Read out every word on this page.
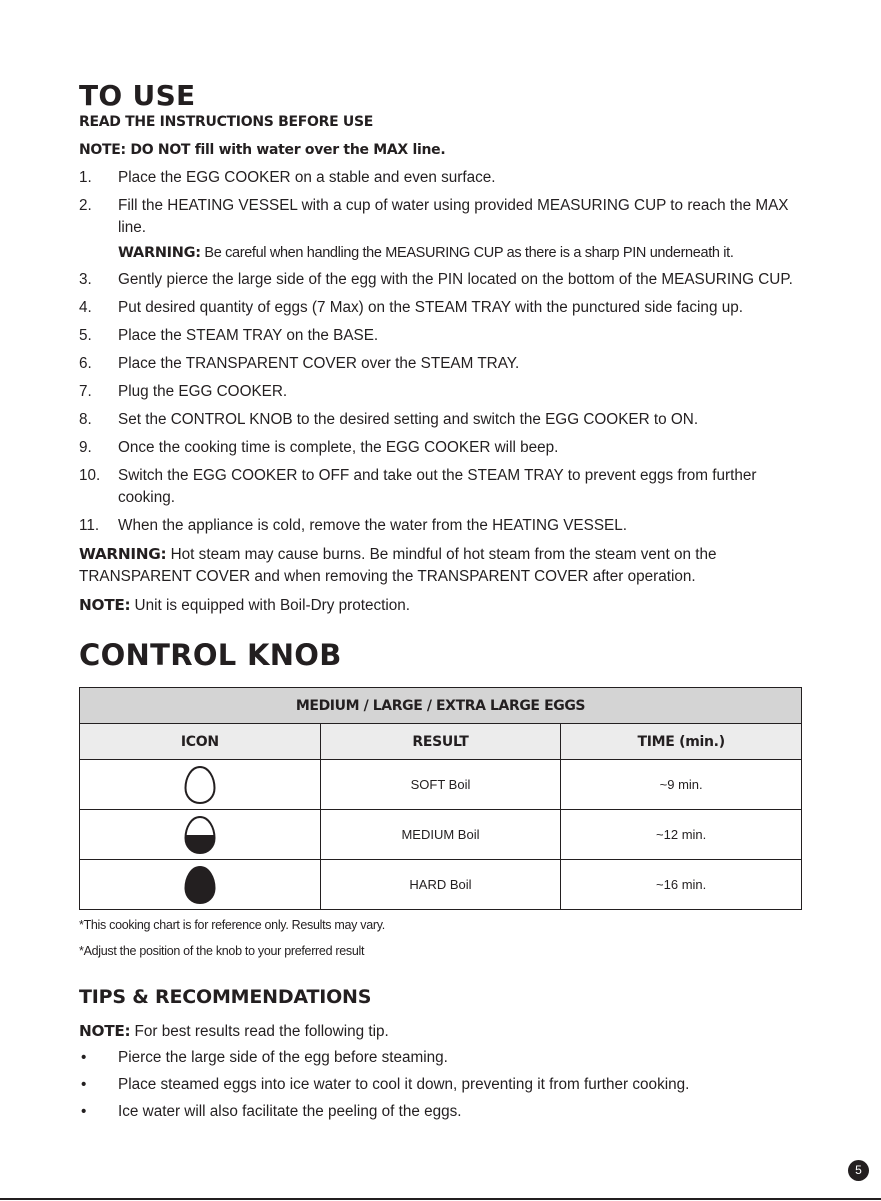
TO USE
READ THE INSTRUCTIONS BEFORE USE
NOTE: DO NOT fill with water over the MAX line.
1. Place the EGG COOKER on a stable and even surface.
2. Fill the HEATING VESSEL with a cup of water using provided MEASURING CUP to reach the MAX line.
WARNING: Be careful when handling the MEASURING CUP as there is a sharp PIN underneath it.
3. Gently pierce the large side of the egg with the PIN located on the bottom of the MEASURING CUP.
4. Put desired quantity of eggs (7 Max) on the STEAM TRAY with the punctured side facing up.
5. Place the STEAM TRAY on the BASE.
6. Place the TRANSPARENT COVER over the STEAM TRAY.
7. Plug the EGG COOKER.
8. Set the CONTROL KNOB to the desired setting and switch the EGG COOKER to ON.
9. Once the cooking time is complete, the EGG COOKER will beep.
10. Switch the EGG COOKER to OFF and take out the STEAM TRAY to prevent eggs from further cooking.
11. When the appliance is cold, remove the water from the HEATING VESSEL.
WARNING: Hot steam may cause burns. Be mindful of hot steam from the steam vent on the TRANSPARENT COVER and when removing the TRANSPARENT COVER after operation.
NOTE: Unit is equipped with Boil-Dry protection.
CONTROL KNOB
MEDIUM / LARGE / EXTRA LARGE EGGS		
ICON	RESULT	TIME (min.)
	SOFT Boil	~9 min.
	MEDIUM Boil	~12 min.
	HARD Boil	~16 min.
*This cooking chart is for reference only. Results may vary.
*Adjust the position of the knob to your preferred result
TIPS & RECOMMENDATIONS
NOTE: For best results read the following tip.
• Pierce the large side of the egg before steaming.
• Place steamed eggs into ice water to cool it down, preventing it from further cooking.
• Ice water will also facilitate the peeling of the eggs.
5
